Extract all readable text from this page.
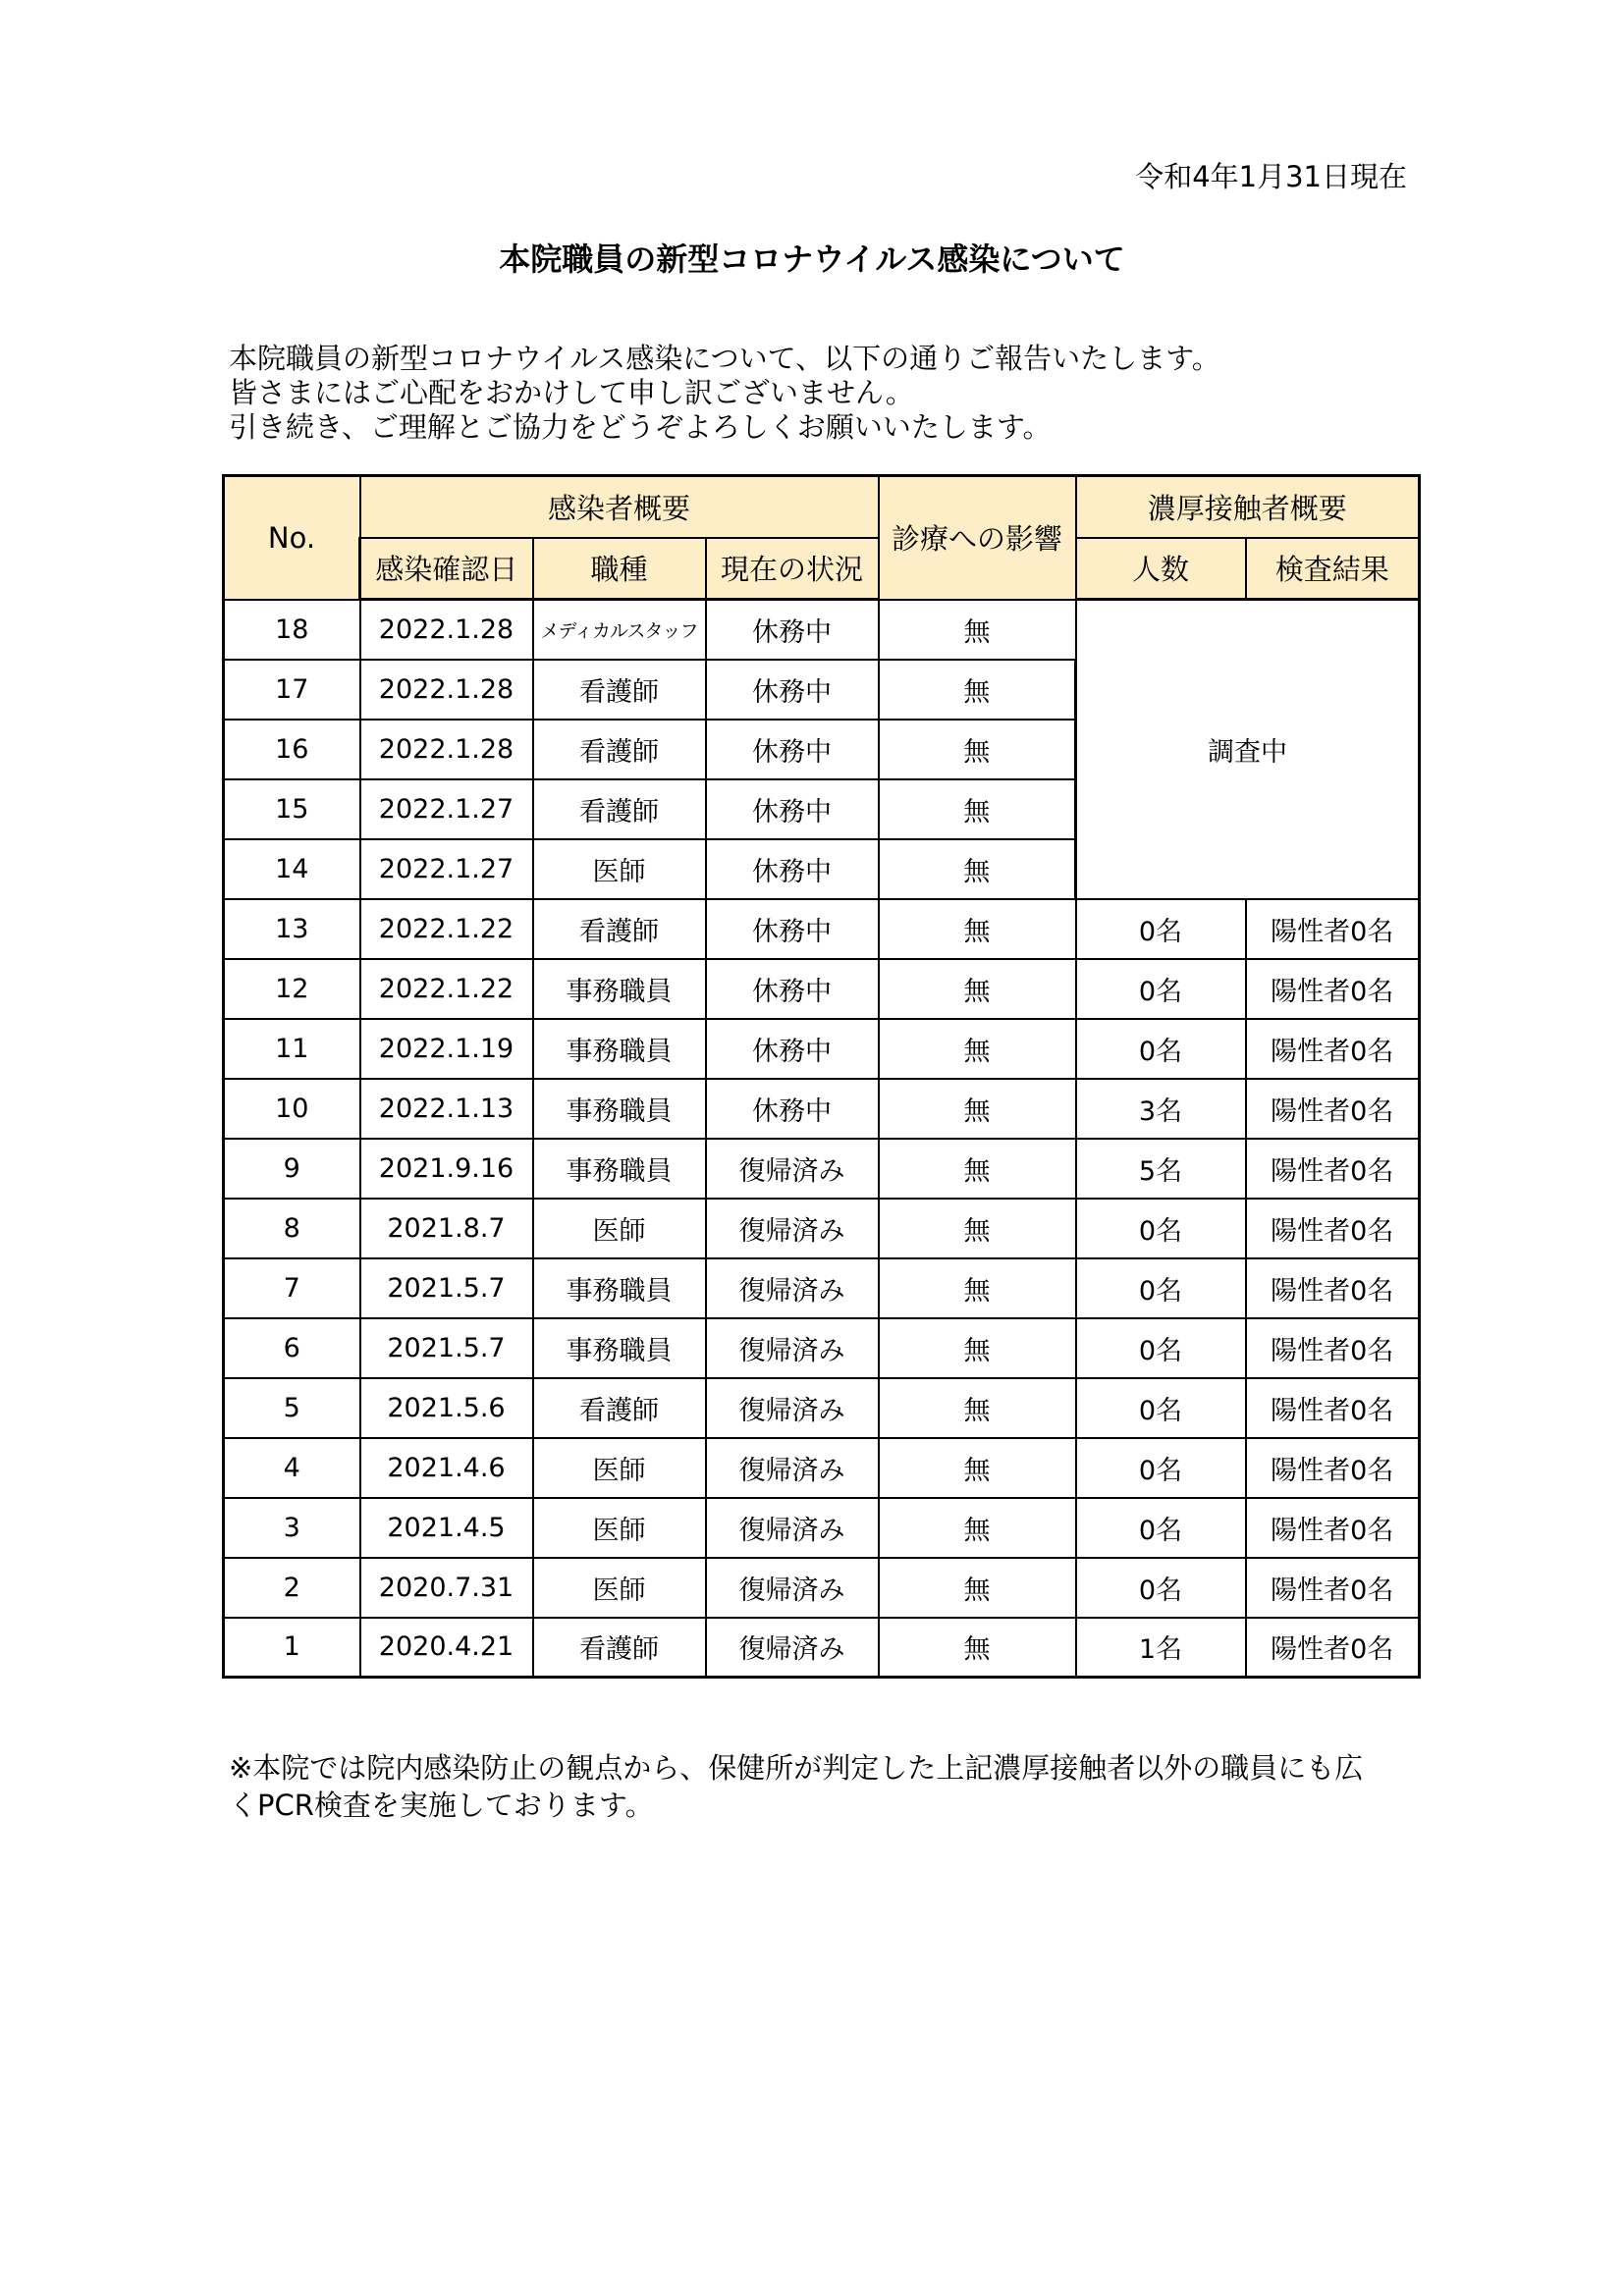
令和4年1月31日現在
本院職員の新型コロナウイルス感染について
本院職員の新型コロナウイルス感染について、以下の通りご報告いたします。
皆さまにはご心配をおかけして申し訳ございません。
引き続き、ご理解とご協力をどうぞよろしくお願いいたします。
No.	感染者概要			診療への影響	濃厚接触者概要	
	感染確認日	職種	現在の状況		人数	検査結果
18	2022.1.28	メディカルスタッフ	休務中	無	調査中	
17	2022.1.28	看護師	休務中	無		
16	2022.1.28	看護師	休務中	無		
15	2022.1.27	看護師	休務中	無		
14	2022.1.27	医師	休務中	無		
13	2022.1.22	看護師	休務中	無	0名	陽性者0名
12	2022.1.22	事務職員	休務中	無	0名	陽性者0名
11	2022.1.19	事務職員	休務中	無	0名	陽性者0名
10	2022.1.13	事務職員	休務中	無	3名	陽性者0名
9	2021.9.16	事務職員	復帰済み	無	5名	陽性者0名
8	2021.8.7	医師	復帰済み	無	0名	陽性者0名
7	2021.5.7	事務職員	復帰済み	無	0名	陽性者0名
6	2021.5.7	事務職員	復帰済み	無	0名	陽性者0名
5	2021.5.6	看護師	復帰済み	無	0名	陽性者0名
4	2021.4.6	医師	復帰済み	無	0名	陽性者0名
3	2021.4.5	医師	復帰済み	無	0名	陽性者0名
2	2020.7.31	医師	復帰済み	無	0名	陽性者0名
1	2020.4.21	看護師	復帰済み	無	1名	陽性者0名
※本院では院内感染防止の観点から、保健所が判定した上記濃厚接触者以外の職員にも広
くPCR検査を実施しております。
